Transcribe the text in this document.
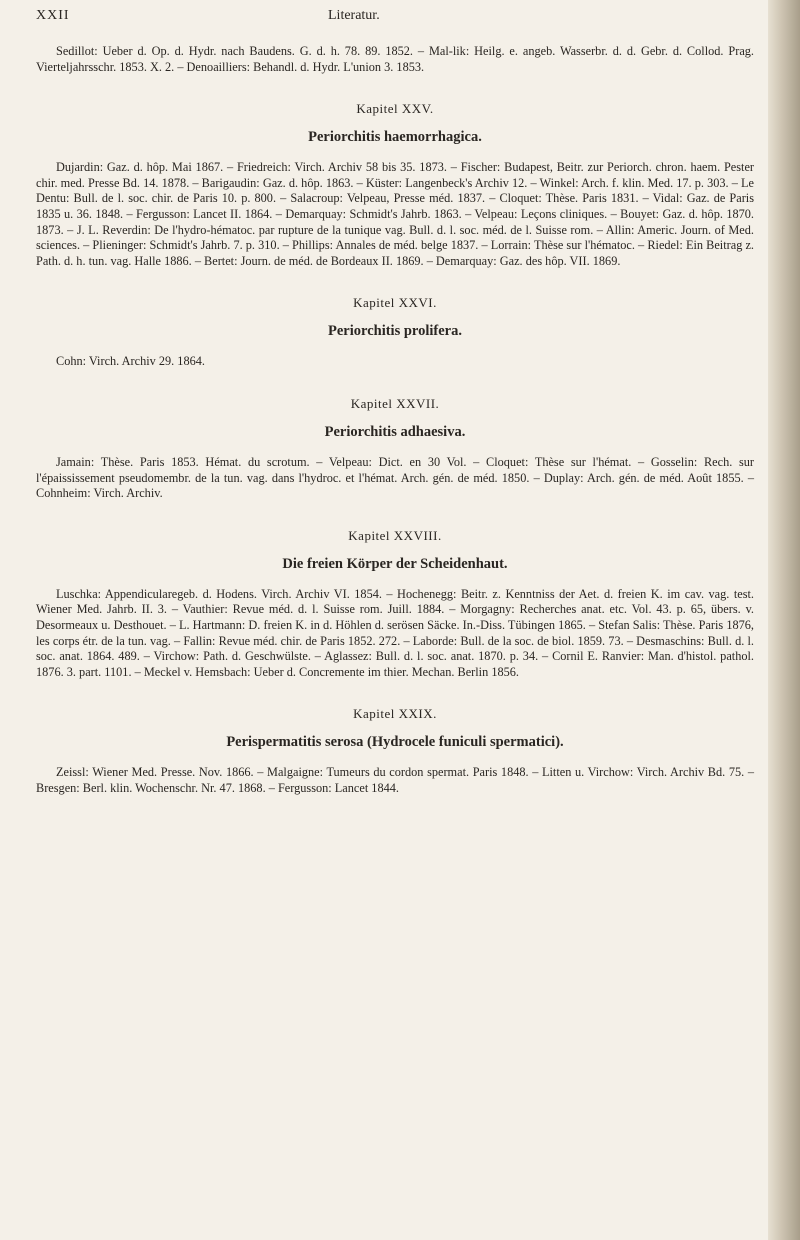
XXII	Literatur.

Sedillot: Ueber d. Op. d. Hydr. nach Baudens. G. d. h. 78. 89. 1852. – Mal-lik: Heilg. e. angeb. Wasserbr. d. d. Gebr. d. Collod. Prag. Vierteljahrsschr. 1853. X. 2. – Denoailliers: Behandl. d. Hydr. L'union 3. 1853.

Kapitel XXV.
Periorchitis haemorrhagica.

Dujardin: Gaz. d. hôp. Mai 1867. – Friedreich: Virch. Archiv 58 bis 35. 1873. – Fischer: Budapest, Beitr. zur Periorch. chron. haem. Pester chir. med. Presse Bd. 14. 1878. – Barigaudin: Gaz. d. hôp. 1863. – Küster: Langenbeck's Archiv 12. – Winkel: Arch. f. klin. Med. 17. p. 303. – Le Dentu: Bull. de l. soc. chir. de Paris 10. p. 800. – Salacroup: Velpeau, Presse méd. 1837. – Cloquet: Thèse. Paris 1831. – Vidal: Gaz. de Paris 1835 u. 36. 1848. – Fergusson: Lancet II. 1864. – Demarquay: Schmidt's Jahrb. 1863. – Velpeau: Leçons cliniques. – Bouyet: Gaz. d. hôp. 1870. 1873. – J. L. Reverdin: De l'hydro-hématoc. par rupture de la tunique vag. Bull. d. l. soc. méd. de l. Suisse rom. – Allin: Americ. Journ. of Med. sciences. – Plieninger: Schmidt's Jahrb. 7. p. 310. – Phillips: Annales de méd. belge 1837. – Lorrain: Thèse sur l'hématoc. – Riedel: Ein Beitrag z. Path. d. h. tun. vag. Halle 1886. – Bertet: Journ. de méd. de Bordeaux II. 1869. – Demarquay: Gaz. des hôp. VII. 1869.

Kapitel XXVI.
Periorchitis prolifera.

Cohn: Virch. Archiv 29. 1864.

Kapitel XXVII.
Periorchitis adhaesiva.

Jamain: Thèse. Paris 1853. Hémat. du scrotum. – Velpeau: Dict. en 30 Vol. – Cloquet: Thèse sur l'hémat. – Gosselin: Rech. sur l'épaississement pseudomembr. de la tun. vag. dans l'hydroc. et l'hémat. Arch. gén. de méd. 1850. – Duplay: Arch. gén. de méd. Août 1855. – Cohnheim: Virch. Archiv.

Kapitel XXVIII.
Die freien Körper der Scheidenhaut.

Luschka: Appendicularegeb. d. Hodens. Virch. Archiv VI. 1854. – Hochenegg: Beitr. z. Kenntniss der Aet. d. freien K. im cav. vag. test. Wiener Med. Jahrb. II. 3. – Vauthier: Revue méd. d. l. Suisse rom. Juill. 1884. – Morgagny: Recherches anat. etc. Vol. 43. p. 65, übers. v. Desormeaux u. Desthouet. – L. Hartmann: D. freien K. in d. Höhlen d. serösen Säcke. In.-Diss. Tübingen 1865. – Stefan Salis: Thèse. Paris 1876, les corps étr. de la tun. vag. – Fallin: Revue méd. chir. de Paris 1852. 272. – Laborde: Bull. de la soc. de biol. 1859. 73. – Desmaschins: Bull. d. l. soc. anat. 1864. 489. – Virchow: Path. d. Geschwülste. – Aglassez: Bull. d. l. soc. anat. 1870. p. 34. – Cornil E. Ranvier: Man. d'histol. pathol. 1876. 3. part. 1101. – Meckel v. Hemsbach: Ueber d. Concremente im thier. Mechan. Berlin 1856.

Kapitel XXIX.
Perispermatitis serosa (Hydrocele funiculi spermatici).

Zeissl: Wiener Med. Presse. Nov. 1866. – Malgaigne: Tumeurs du cordon spermat. Paris 1848. – Litten u. Virchow: Virch. Archiv Bd. 75. – Bresgen: Berl. klin. Wochenschr. Nr. 47. 1868. – Fergusson: Lancet 1844.
